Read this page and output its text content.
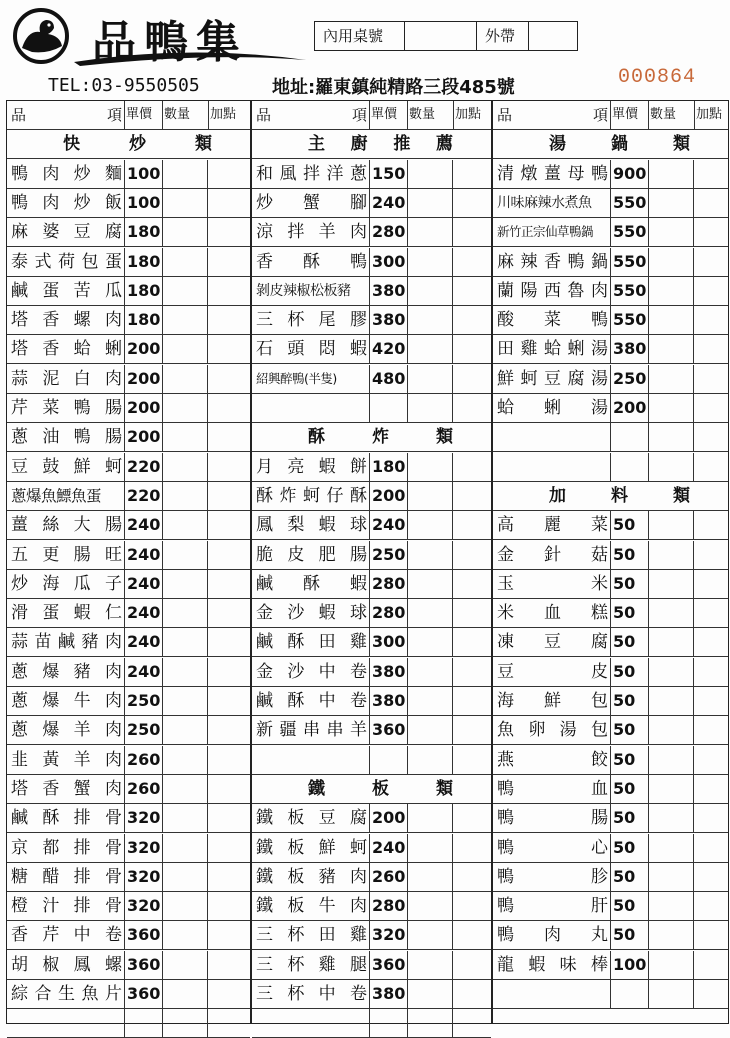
品鴨集	內用桌號	外帶
TEL:03-9550505	地址:羅東鎮純精路三段485號	000864
品	項 單價 數量	加點
快	炒	類
鴨 肉 炒 麵 100
鴨 肉 炒 飯 100
麻 婆 豆 腐 180
泰 式 荷 包 蛋 180
鹹 蛋 苦 瓜 180
塔 香 螺 肉 180
塔 香 蛤 蜊 200
蒜 泥 白 肉 200
芹 菜 鴨 腸 200
蔥 油 鴨 腸 200
豆 鼓 鮮 蚵 220
蔥爆魚鰾魚蛋	220
薑 絲 大 腸 240
五 更 腸 旺 240
炒 海 瓜 子 240
滑 蛋 蝦 仁 240
蒜 苗 鹹 豬 肉 240
蔥 爆 豬 肉 240
蔥 爆 牛 肉 250
蔥 爆 羊 肉 250
韭 黃 羊 肉 260
塔 香 蟹 肉 260
鹹 酥 排 骨 320
京 都 排 骨 320
糖 醋 排 骨 320
橙 汁 排 骨 320
香 芹 中 卷 360
胡 椒 鳳 螺 360
綜 合 生 魚 片 360
品	項 單價 數量	加點
主 廚 推 薦
和 風 拌 洋 蔥 150
炒 蟹 腳 240
涼 拌 羊 肉 280
香 酥 鴨 300
剝皮辣椒松板豬	380
三 杯 尾 膠 380
石 頭 悶 蝦 420
紹興醉鴨(半隻)	480
酥	炸	類
月 亮 蝦 餅 180
酥 炸 蚵 仔 酥 200
鳳 梨 蝦 球 240
脆 皮 肥 腸 250
鹹 酥 蝦 280
金 沙 蝦 球 280
鹹 酥 田 雞 300
金 沙 中 卷 380
鹹 酥 中 卷 380
新 疆 串 串 羊 360
鐵	板	類
鐵 板 豆 腐 200
鐵 板 鮮 蚵 240
鐵 板 豬 肉 260
鐵 板 牛 肉 280
三 杯 田 雞 320
三 杯 雞 腿 360
三 杯 中 卷 380
品	項 單價 數量	加點
湯	鍋	類
清 燉 薑 母 鴨 900
川味麻辣水煮魚	550
新竹正宗仙草鴨鍋	550
麻 辣 香 鴨 鍋 550
蘭 陽 西 魯 肉 550
酸 菜 鴨 550
田 雞 蛤 蜊 湯 380
鮮 蚵 豆 腐 湯 250
蛤 蜊 湯 200
加	料	類
高 麗 菜 50
金 針 菇 50
玉	米 50
米 血 糕 50
凍 豆 腐 50
豆	皮 50
海 鮮 包 50
魚 卵 湯 包 50
燕	餃 50
鴨	血 50
鴨	腸 50
鴨	心 50
鴨	胗 50
鴨	肝 50
鴨 肉 丸 50
龍 蝦 味 棒 100
